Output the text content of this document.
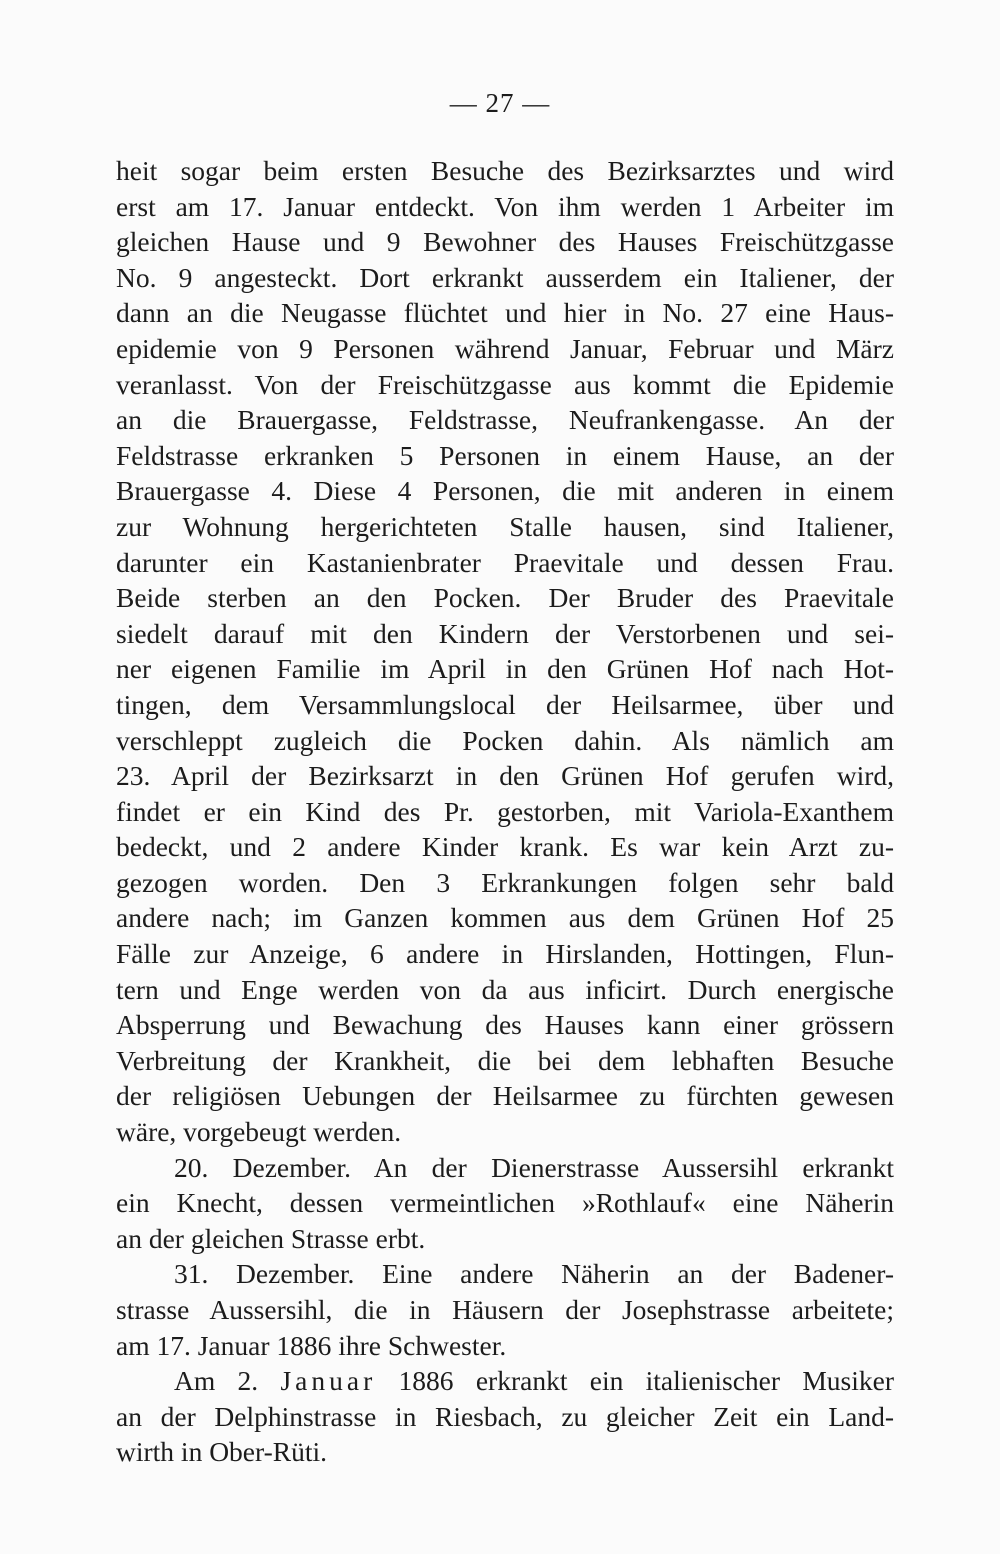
— 27 —
heit sogar beim ersten Besuche des Bezirksarztes und wird
erst am 17. Januar entdeckt. Von ihm werden 1 Arbeiter im
gleichen Hause und 9 Bewohner des Hauses Freischützgasse
No. 9 angesteckt. Dort erkrankt ausserdem ein Italiener, der
dann an die Neugasse flüchtet und hier in No. 27 eine Haus-
epidemie von 9 Personen während Januar, Februar und März
veranlasst. Von der Freischützgasse aus kommt die Epidemie
an die Brauergasse, Feldstrasse, Neufrankengasse. An der
Feldstrasse erkranken 5 Personen in einem Hause, an der
Brauergasse 4. Diese 4 Personen, die mit anderen in einem
zur Wohnung hergerichteten Stalle hausen, sind Italiener,
darunter ein Kastanienbrater Praevitale und dessen Frau.
Beide sterben an den Pocken. Der Bruder des Praevitale
siedelt darauf mit den Kindern der Verstorbenen und sei-
ner eigenen Familie im April in den Grünen Hof nach Hot-
tingen, dem Versammlungslocal der Heilsarmee, über und
verschleppt zugleich die Pocken dahin. Als nämlich am
23. April der Bezirksarzt in den Grünen Hof gerufen wird,
findet er ein Kind des Pr. gestorben, mit Variola-Exanthem
bedeckt, und 2 andere Kinder krank. Es war kein Arzt zu-
gezogen worden. Den 3 Erkrankungen folgen sehr bald
andere nach; im Ganzen kommen aus dem Grünen Hof 25
Fälle zur Anzeige, 6 andere in Hirslanden, Hottingen, Flun-
tern und Enge werden von da aus inficirt. Durch energische
Absperrung und Bewachung des Hauses kann einer grössern
Verbreitung der Krankheit, die bei dem lebhaften Besuche
der religiösen Uebungen der Heilsarmee zu fürchten gewesen
wäre, vorgebeugt werden.
20. Dezember. An der Dienerstrasse Aussersihl erkrankt
ein Knecht, dessen vermeintlichen »Rothlauf« eine Näherin
an der gleichen Strasse erbt.
31. Dezember. Eine andere Näherin an der Badener-
strasse Aussersihl, die in Häusern der Josephstrasse arbeitete;
am 17. Januar 1886 ihre Schwester.
Am 2. Januar 1886 erkrankt ein italienischer Musiker
an der Delphinstrasse in Riesbach, zu gleicher Zeit ein Land-
wirth in Ober-Rüti.
